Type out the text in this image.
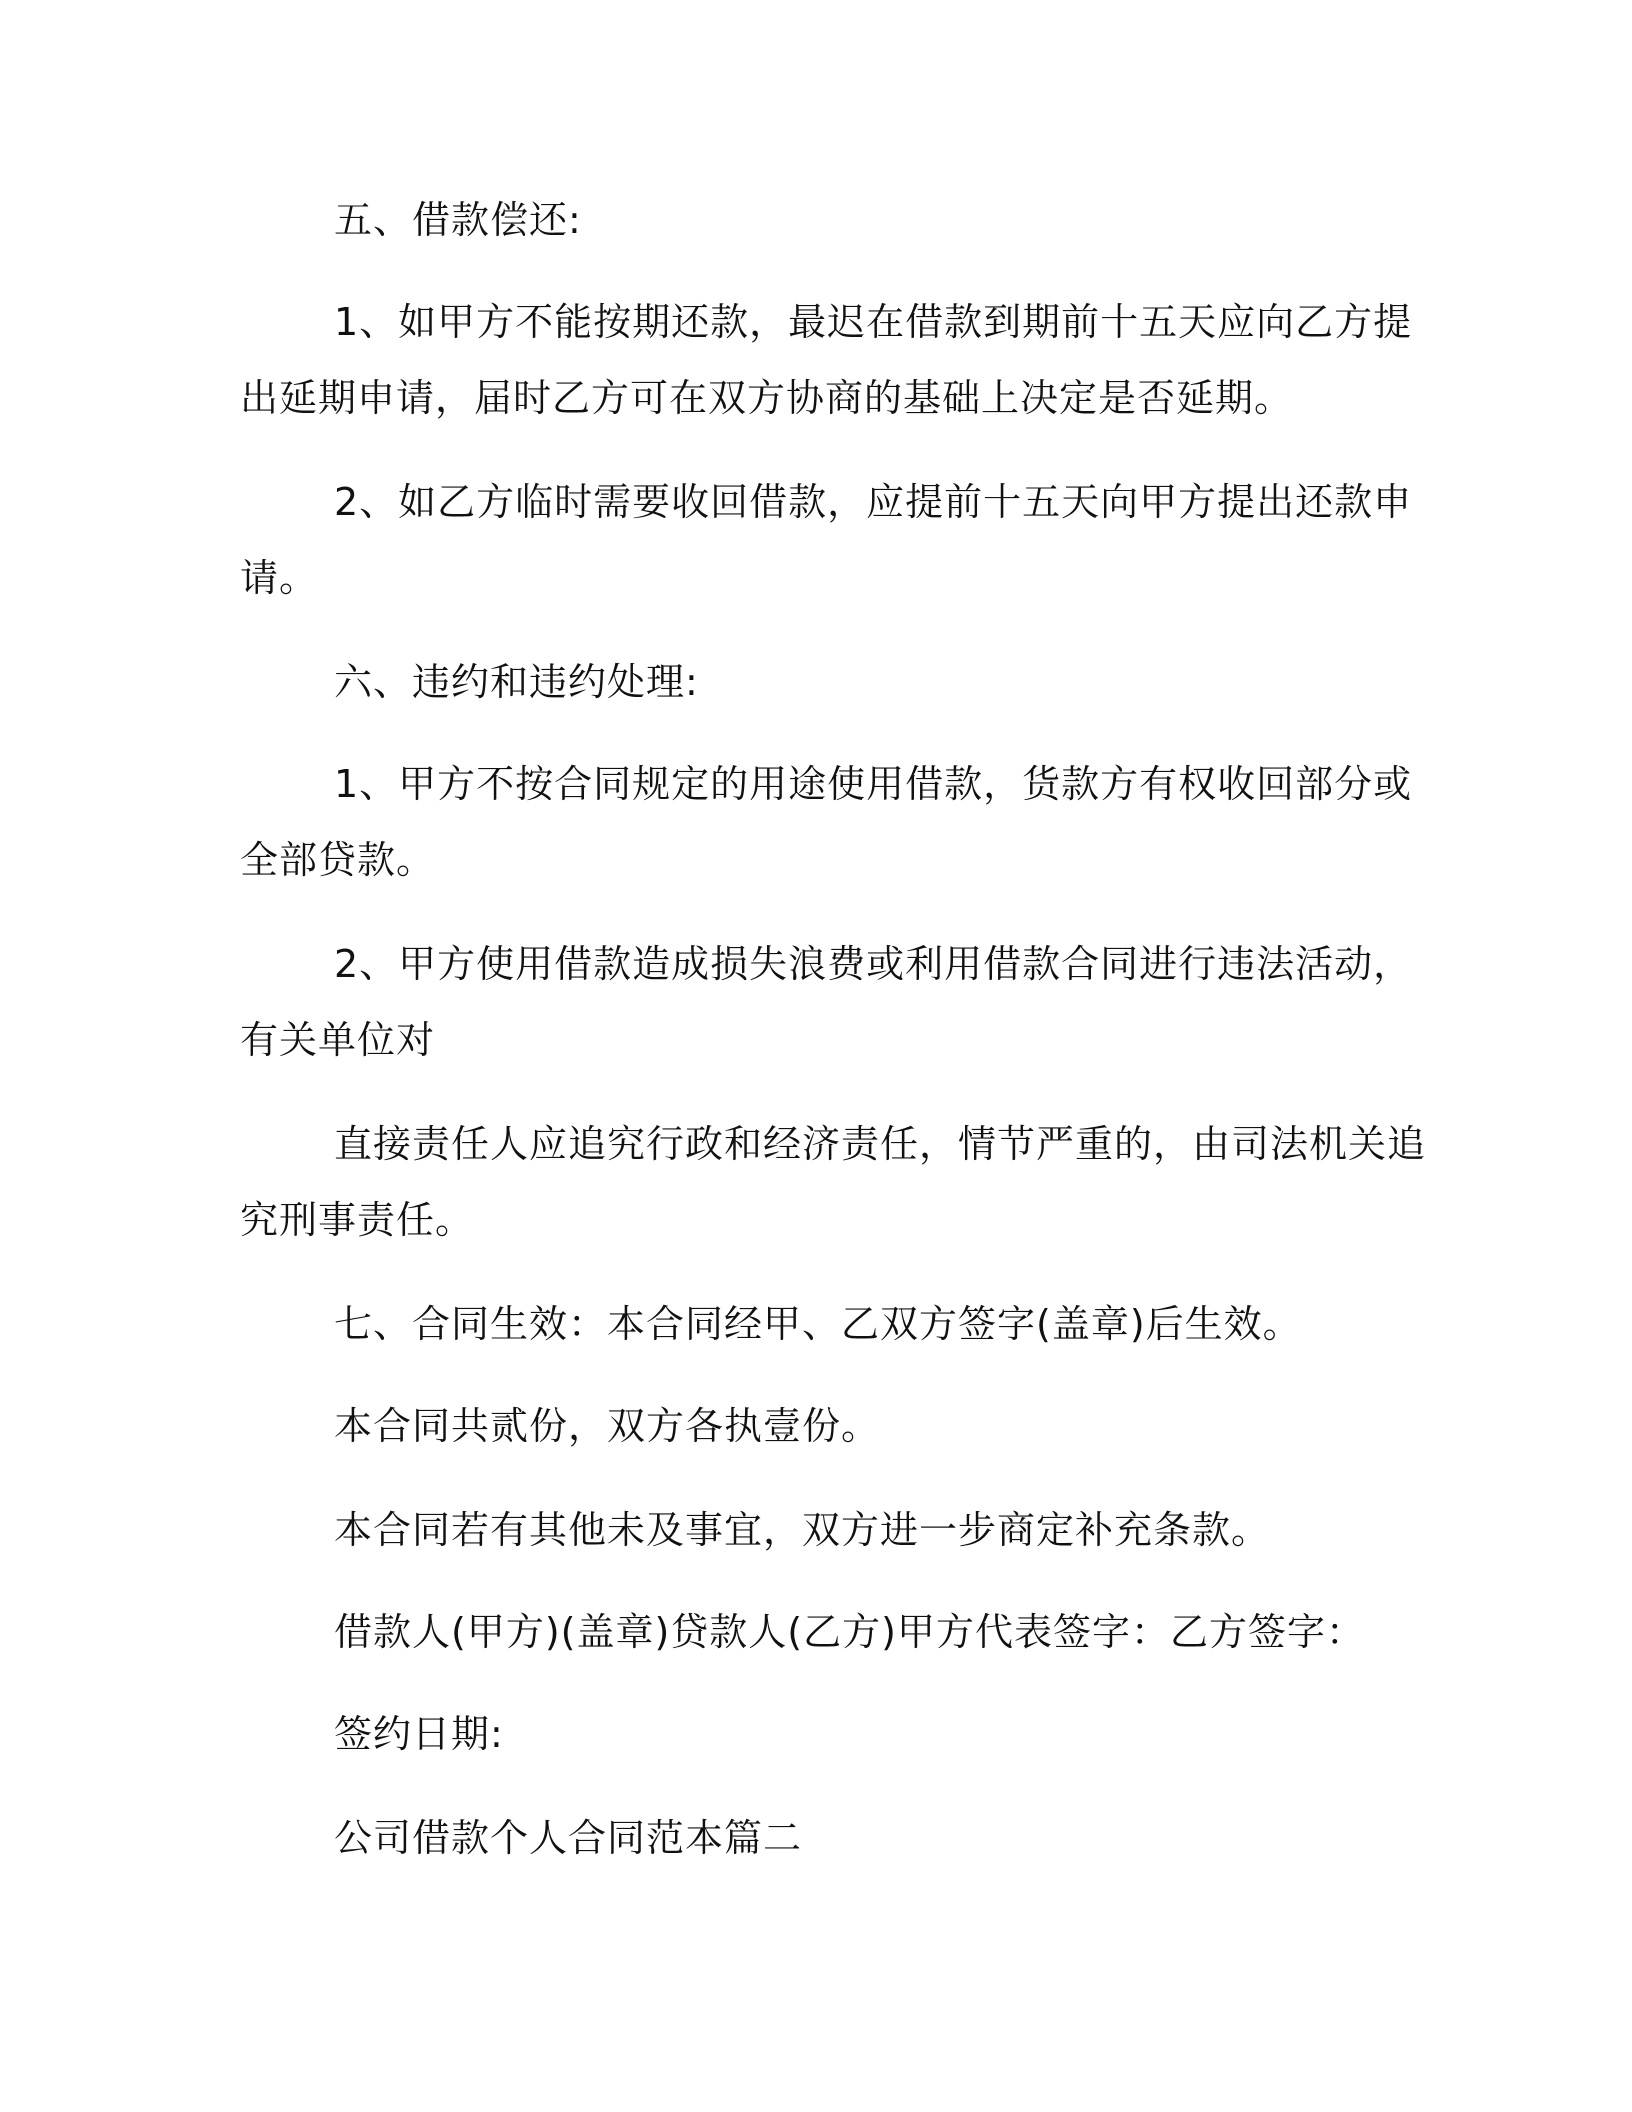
五、借款偿还:
1、如甲方不能按期还款，最迟在借款到期前十五天应向乙方提
出延期申请，届时乙方可在双方协商的基础上决定是否延期。
2、如乙方临时需要收回借款，应提前十五天向甲方提出还款申
请。
六、违约和违约处理:
1、甲方不按合同规定的用途使用借款，货款方有权收回部分或
全部贷款。
2、甲方使用借款造成损失浪费或利用借款合同进行违法活动，
有关单位对
直接责任人应追究行政和经济责任，情节严重的，由司法机关追
究刑事责任。
七、合同生效：本合同经甲、乙双方签字(盖章)后生效。
本合同共贰份，双方各执壹份。
本合同若有其他未及事宜，双方进一步商定补充条款。
借款人(甲方)(盖章)贷款人(乙方)甲方代表签字：乙方签字：
签约日期:
公司借款个人合同范本篇二
